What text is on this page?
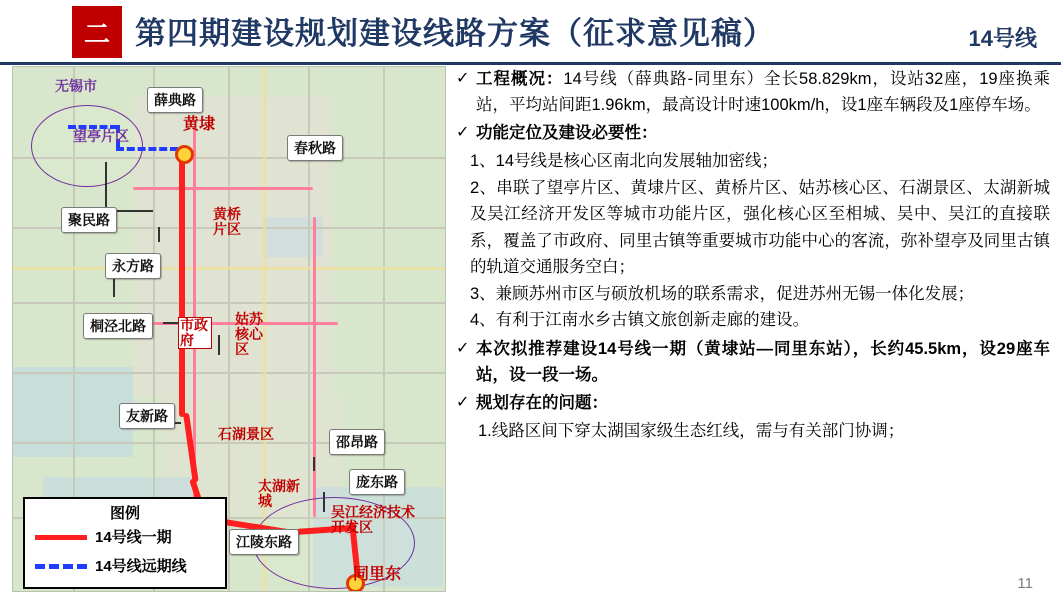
二 第四期建设规划建设线路方案（征求意见稿）	14号线
无锡市
望亭片区
黄埭
黄桥片区
姑苏核心区
石湖景区
太湖新城
吴江经济技术开发区
同里东
市政府
薛典路
春秋路
聚民路
永方路
桐泾北路
友新路
邵昂路
庞东路
江陵东路
图例
14号线一期
14号线远期线
✓ 工程概况：14号线（薛典路-同里东）全长58.829km，设站32座，19座换乘站，平均站间距1.96km，最高设计时速100km/h，设1座车辆段及1座停车场。
✓ 功能定位及建设必要性：

1、14号线是核心区南北向发展轴加密线；

2、串联了望亭片区、黄埭片区、黄桥片区、姑苏核心区、石湖景区、太湖新城及吴江经济开发区等城市功能片区，强化核心区至相城、吴中、吴江的直接联系，覆盖了市政府、同里古镇等重要城市功能中心的客流，弥补望亭及同里古镇的轨道交通服务空白；

3、兼顾苏州市区与硕放机场的联系需求，促进苏州无锡一体化发展；

4、有利于江南水乡古镇文旅创新走廊的建设。

✓ 本次拟推荐建设14号线一期（黄埭站—同里东站），长约45.5km，设29座车站，设一段一场。
✓ 规划存在的问题：

1.线路区间下穿太湖国家级生态红线，需与有关部门协调；

11
